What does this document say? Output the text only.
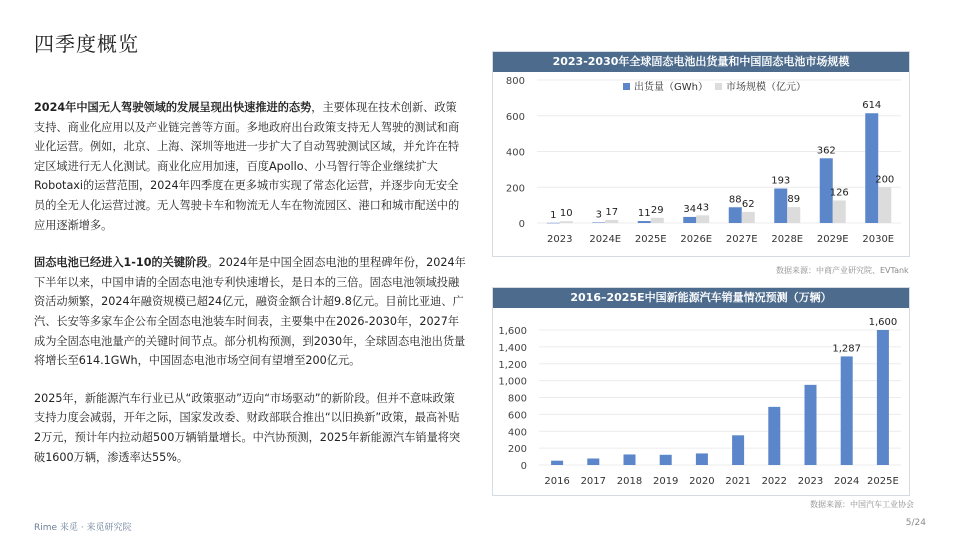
四季度概览

2024年中国无人驾驶领域的发展呈现出快速推进的态势，主要体现在技术创新、政策支持、商业化应用以及产业链完善等方面。多地政府出台政策支持无人驾驶的测试和商业化运营。例如，北京、上海、深圳等地进一步扩大了自动驾驶测试区域，并允许在特定区域进行无人化测试。商业化应用加速，百度Apollo、小马智行等企业继续扩大Robotaxi的运营范围，2024年四季度在更多城市实现了常态化运营，并逐步向无安全员的全无人化运营过渡。无人驾驶卡车和物流无人车在物流园区、港口和城市配送中的应用逐渐增多。

固态电池已经进入1-10的关键阶段。2024年是中国全固态电池的里程碑年份，2024年下半年以来，中国申请的全固态电池专利快速增长，是日本的三倍。固态电池领域投融资活动频繁，2024年融资规模已超24亿元，融资金额合计超9.8亿元。目前比亚迪、广汽、长安等多家车企公布全固态电池装车时间表，主要集中在2026-2030年，2027年成为全固态电池量产的关键时间节点。部分机构预测，到2030年，全球固态电池出货量将增长至614.1GWh，中国固态电池市场空间有望增至200亿元。

2025年，新能源汽车行业已从“政策驱动”迈向“市场驱动”的新阶段。但并不意味政策支持力度会减弱，开年之际，国家发改委、财政部联合推出“以旧换新”政策，最高补贴2万元，预计年内拉动超500万辆销量增长。中汽协预测，2025年新能源汽车销量将突破1600万辆，渗透率达55%。

2023-2030年全球固态电池出货量和中国固态电池市场规模
0
200
400
600
800
出货量（GWh） 市场规模（亿元）
1 10
2023
3 17
2024E
11 29
2025E
34 43
2026E
88 62
2027E
193
89
2028E
362
126
2029E
614
200
2030E
数据来源：中商产业研究院、EVTank
2016–2025E中国新能源汽车销量情况预测（万辆）
0
200
400
600
800
1,000
1,200
1,400
1,600
2016 2017 2018 2019 2020 2021 2022 2023
1,287
2024
1,600
2025E
数据来源：中国汽车工业协会
Rime 来觅 · 来觅研究院	5/24
